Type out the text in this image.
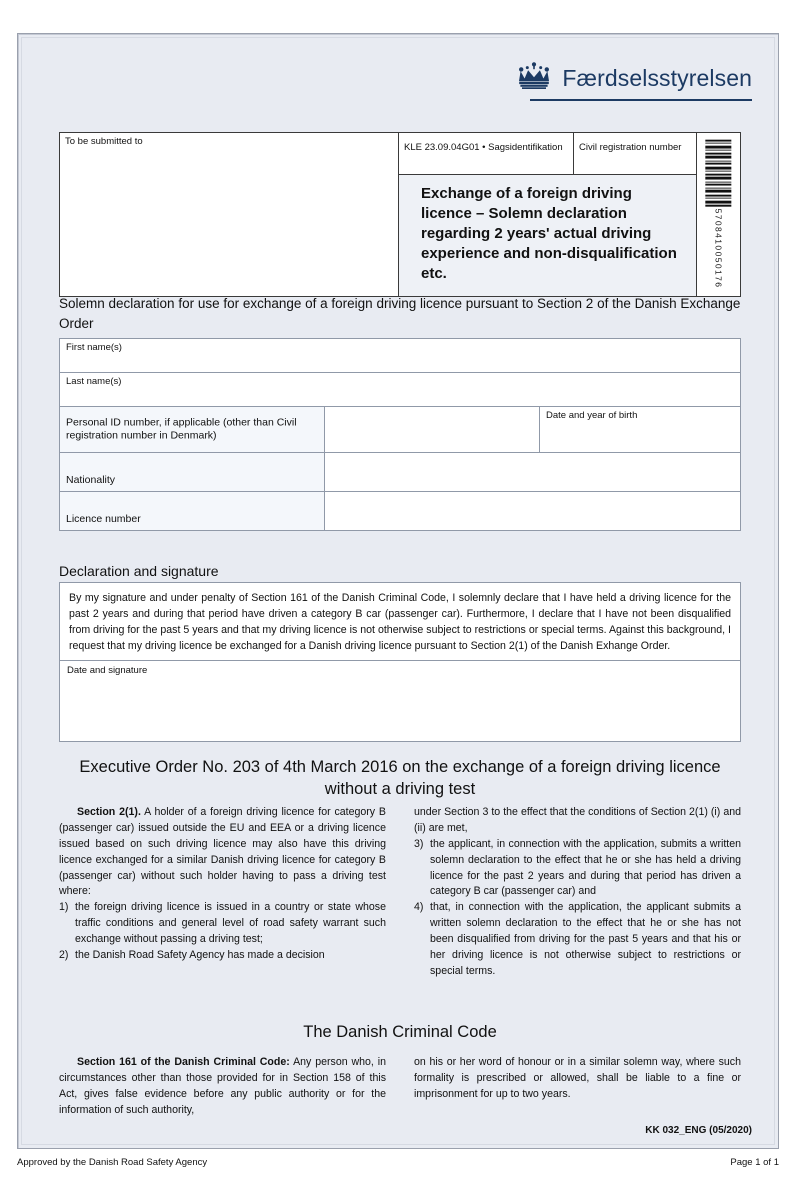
Færdselsstyrelsen
To be submitted to
KLE 23.09.04G01 • Sagsidentifikation	Civil registration number
Exchange of a foreign driving licence – Solemn declaration regarding 2 years' actual driving experience and non-disqualification etc.	5708410050176
Solemn declaration for use for exchange of a foreign driving licence pursuant to Section 2 of the Danish Exchange Order
First name(s)
Last name(s)
Personal ID number, if applicable (other than Civil registration number in Denmark)
Date and year of birth
Nationality
Licence number
Declaration and signature
By my signature and under penalty of Section 161 of the Danish Criminal Code, I solemnly declare that I have held a driving licence for the past 2 years and during that period have driven a category B car (passenger car). Furthermore, I declare that I have not been disqualified from driving for the past 5 years and that my driving licence is not otherwise subject to restrictions or special terms. Against this background, I request that my driving licence be exchanged for a Danish driving licence pursuant to Section 2(1) of the Danish Exhange Order.
Date and signature
Executive Order No. 203 of 4th March 2016 on the exchange of a foreign driving licence without a driving test

Section 2(1). A holder of a foreign driving licence for category B (passenger car) issued outside the EU and EEA or a driving licence issued based on such driving licence may also have this driving licence exchanged for a similar Danish driving licence for category B (passenger car) without such holder having to pass a driving test where:

1) the foreign driving licence is issued in a country or state whose traffic conditions and general level of road safety warrant such exchange without passing a driving test;
2) the Danish Road Safety Agency has made a decision

under Section 3 to the effect that the conditions of Section 2(1) (i) and (ii) are met,

3) the applicant, in connection with the application, submits a written solemn declaration to the effect that he or she has held a driving licence for the past 2 years and during that period has driven a category B car (passenger car) and
4) that, in connection with the application, the applicant submits a written solemn declaration to the effect that he or she has not been disqualified from driving for the past 5 years and that his or her driving licence is not otherwise subject to restrictions or special terms.
The Danish Criminal Code

Section 161 of the Danish Criminal Code: Any person who, in circumstances other than those provided for in Section 158 of this Act, gives false evidence before any public authority or for the information of such authority,

on his or her word of honour or in a similar solemn way, where such formality is prescribed or allowed, shall be liable to a fine or imprisonment for up to two years.

KK 032_ENG (05/2020)
Approved by the Danish Road Safety Agency	Page 1 of 1
